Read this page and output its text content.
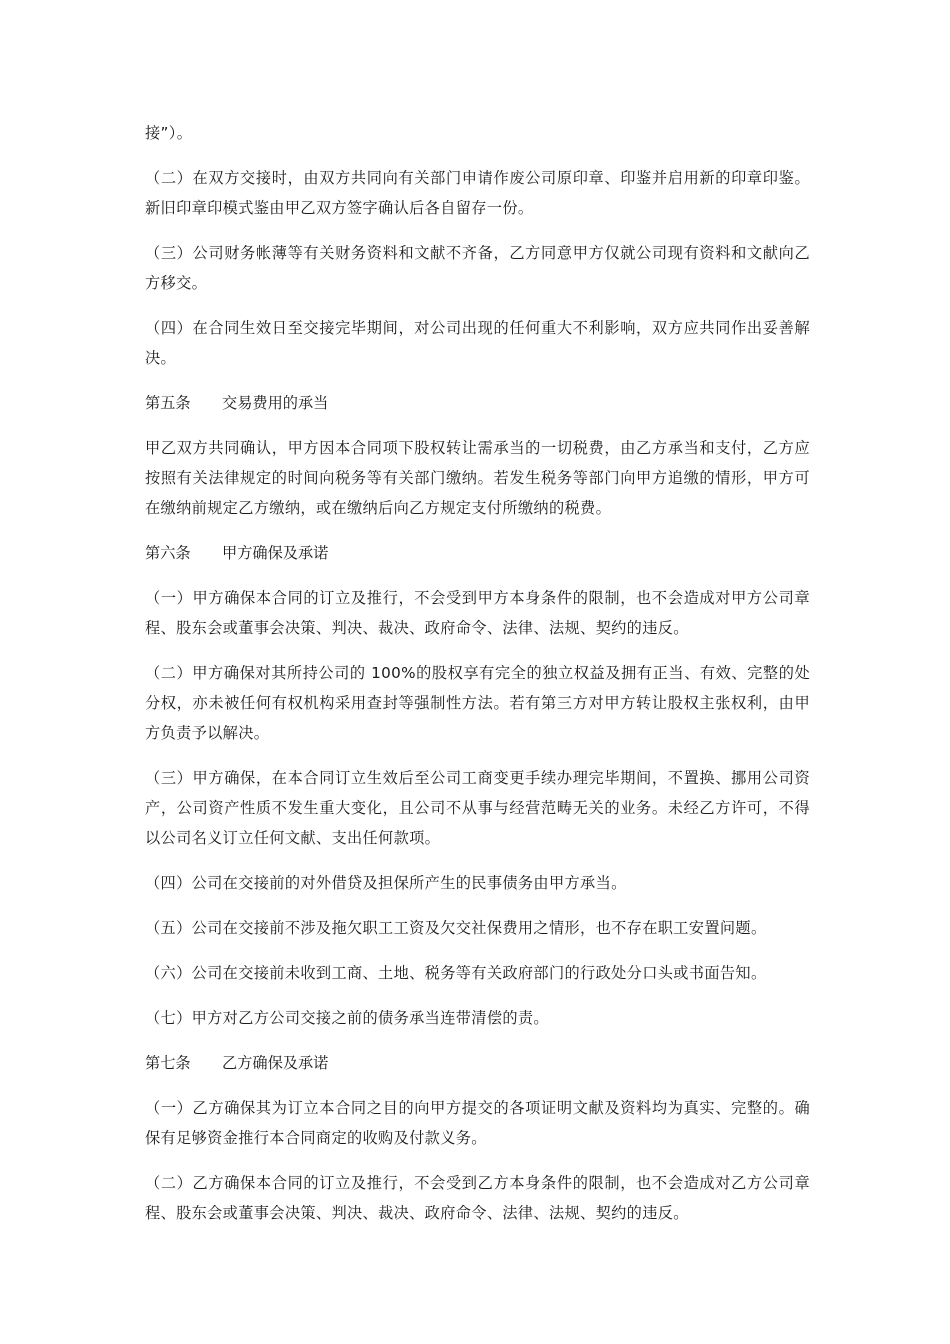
接”）。

（二）在双方交接时，由双方共同向有关部门申请作废公司原印章、印鉴并启用新的印章印鉴。新旧印章印模式鉴由甲乙双方签字确认后各自留存一份。

（三）公司财务帐薄等有关财务资料和文献不齐备，乙方同意甲方仅就公司现有资料和文献向乙方移交。

（四）在合同生效日至交接完毕期间，对公司出现的任何重大不利影响，双方应共同作出妥善解决。

第五条 交易费用的承当

甲乙双方共同确认，甲方因本合同项下股权转让需承当的一切税费，由乙方承当和支付，乙方应按照有关法律规定的时间向税务等有关部门缴纳。若发生税务等部门向甲方追缴的情形，甲方可在缴纳前规定乙方缴纳，或在缴纳后向乙方规定支付所缴纳的税费。

第六条 甲方确保及承诺

（一）甲方确保本合同的订立及推行，不会受到甲方本身条件的限制，也不会造成对甲方公司章程、股东会或董事会决策、判决、裁决、政府命令、法律、法规、契约的违反。

（二）甲方确保对其所持公司的 100%的股权享有完全的独立权益及拥有正当、有效、完整的处分权，亦未被任何有权机构采用查封等强制性方法。若有第三方对甲方转让股权主张权利，由甲方负责予以解决。

（三）甲方确保，在本合同订立生效后至公司工商变更手续办理完毕期间，不置换、挪用公司资产，公司资产性质不发生重大变化，且公司不从事与经营范畴无关的业务。未经乙方许可，不得以公司名义订立任何文献、支出任何款项。

（四）公司在交接前的对外借贷及担保所产生的民事债务由甲方承当。

（五）公司在交接前不涉及拖欠职工工资及欠交社保费用之情形，也不存在职工安置问题。

（六）公司在交接前未收到工商、土地、税务等有关政府部门的行政处分口头或书面告知。

（七）甲方对乙方公司交接之前的债务承当连带清偿的责。

第七条 乙方确保及承诺

（一）乙方确保其为订立本合同之目的向甲方提交的各项证明文献及资料均为真实、完整的。确保有足够资金推行本合同商定的收购及付款义务。

（二）乙方确保本合同的订立及推行，不会受到乙方本身条件的限制，也不会造成对乙方公司章程、股东会或董事会决策、判决、裁决、政府命令、法律、法规、契约的违反。
